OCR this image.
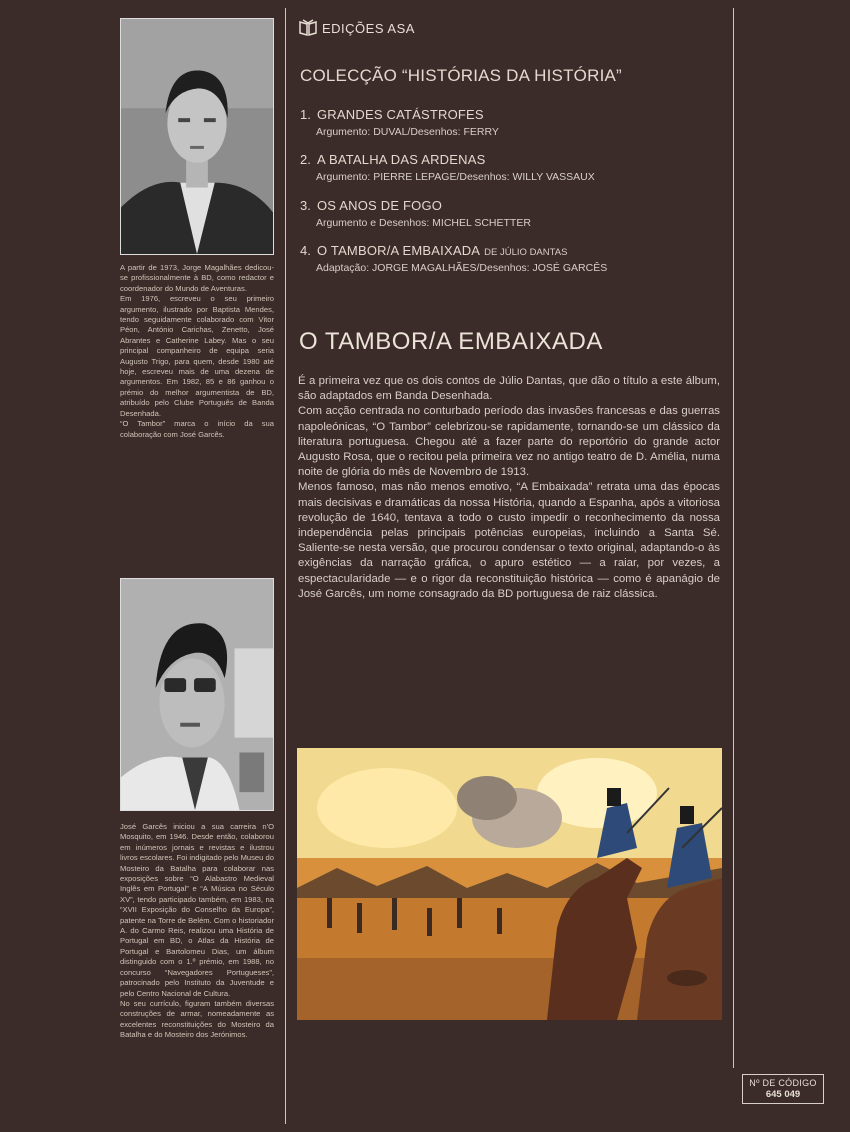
A partir de 1973, Jorge Magalhães dedicou-se profissionalmente à BD, como redactor e coordenador do Mundo de Aventuras.

Em 1976, escreveu o seu primeiro argumento, ilustrado por Baptista Mendes, tendo seguidamente colaborado com Vitor Péon, António Carichas, Zenetto, José Abrantes e Catherine Labey. Mas o seu principal companheiro de equipa seria Augusto Trigo, para quem, desde 1980 até hoje, escreveu mais de uma dezena de argumentos. Em 1982, 85 e 86 ganhou o prémio do melhor argumentista de BD, atribuído pelo Clube Português de Banda Desenhada.

“O Tambor” marca o início da sua colaboração com José Garcês.

José Garcês iniciou a sua carreira n'O Mosquito, em 1946. Desde então, colaborou em inúmeros jornais e revistas e ilustrou livros escolares. Foi indigitado pelo Museu do Mosteiro da Batalha para colaborar nas exposições sobre “O Alabastro Medieval Inglês em Portugal” e “A Música no Século XV”, tendo participado também, em 1983, na “XVII Exposição do Conselho da Europa”, patente na Torre de Belém. Com o historiador A. do Carmo Reis, realizou uma História de Portugal em BD, o Atlas da História de Portugal e Bartolomeu Dias, um álbum distinguido com o 1.º prémio, em 1988, no concurso “Navegadores Portugueses”, patrocinado pelo Instituto da Juventude e pelo Centro Nacional de Cultura.

No seu currículo, figuram também diversas construções de armar, nomeadamente as excelentes reconstituições do Mosteiro da Batalha e do Mosteiro dos Jerónimos.

EDIÇÕES ASA
COLECÇÃO “HISTÓRIAS DA HISTÓRIA”
1. GRANDES CATÁSTROFES
Argumento: DUVAL/Desenhos: FERRY
2. A BATALHA DAS ARDENAS
Argumento: PIERRE LEPAGE/Desenhos: WILLY VASSAUX
3. OS ANOS DE FOGO
Argumento e Desenhos: MICHEL SCHETTER
4. O TAMBOR/A EMBAIXADA DE JÚLIO DANTAS
Adaptação: JORGE MAGALHÃES/Desenhos: JOSÉ GARCÊS
O TAMBOR/A EMBAIXADA

É a primeira vez que os dois contos de Júlio Dantas, que dão o título a este álbum, são adaptados em Banda Desenhada.

Com acção centrada no conturbado período das invasões francesas e das guerras napoleónicas, “O Tambor” celebrizou-se rapidamente, tornando-se um clássico da literatura portuguesa. Chegou até a fazer parte do reportório do grande actor Augusto Rosa, que o recitou pela primeira vez no antigo teatro de D. Amélia, numa noite de glória do mês de Novembro de 1913.

Menos famoso, mas não menos emotivo, “A Embaixada” retrata uma das épocas mais decisivas e dramáticas da nossa História, quando a Espanha, após a vitoriosa revolução de 1640, tentava a todo o custo impedir o reconhecimento da nossa independência pelas principais potências europeias, incluindo a Santa Sé. Saliente-se nesta versão, que procurou condensar o texto original, adaptando-o às exigências da narração gráfica, o apuro estético — a raiar, por vezes, a espectacularidade — e o rigor da reconstituição histórica — como é apanágio de José Garcês, um nome consagrado da BD portuguesa de raiz clássica.

Nº DE CÓDIGO
645 049
